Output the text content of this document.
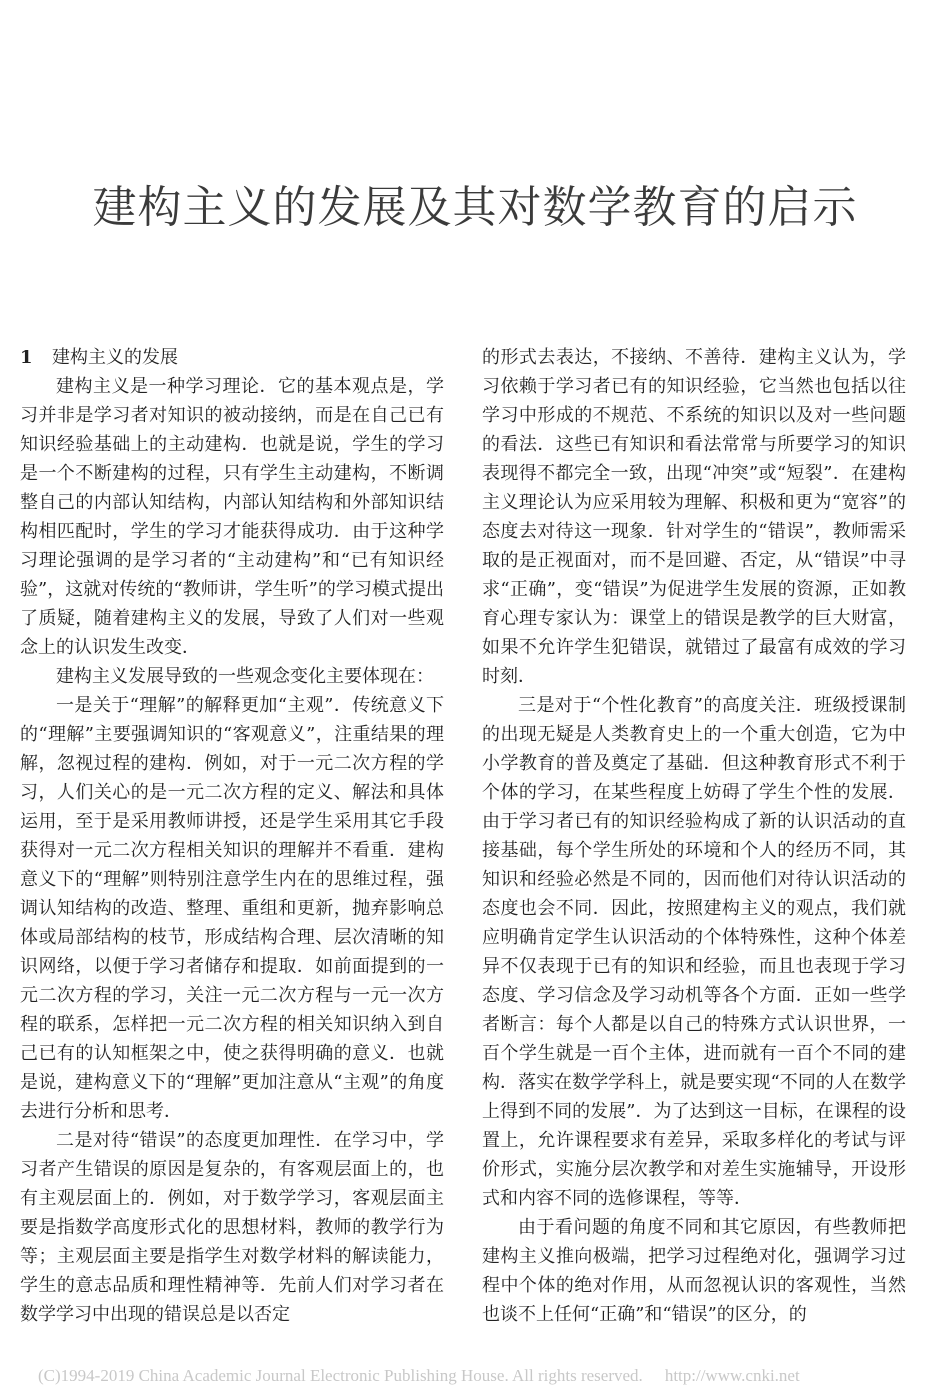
建构主义的发展及其对数学教育的启示
1 建构主义的发展

建构主义是一种学习理论．它的基本观点是，学习并非是学习者对知识的被动接纳，而是在自己已有知识经验基础上的主动建构．也就是说，学生的学习是一个不断建构的过程，只有学生主动建构，不断调整自己的内部认知结构，内部认知结构和外部知识结构相匹配时，学生的学习才能获得成功．由于这种学习理论强调的是学习者的“主动建构”和“已有知识经验”，这就对传统的“教师讲，学生听”的学习模式提出了质疑，随着建构主义的发展，导致了人们对一些观念上的认识发生改变．

建构主义发展导致的一些观念变化主要体现在：

一是关于“理解”的解释更加“主观”．传统意义下的“理解”主要强调知识的“客观意义”，注重结果的理解，忽视过程的建构．例如，对于一元二次方程的学习，人们关心的是一元二次方程的定义、解法和具体运用，至于是采用教师讲授，还是学生采用其它手段获得对一元二次方程相关知识的理解并不看重．建构意义下的“理解”则特别注意学生内在的思维过程，强调认知结构的改造、整理、重组和更新，抛弃影响总体或局部结构的枝节，形成结构合理、层次清晰的知识网络，以便于学习者储存和提取．如前面提到的一元二次方程的学习，关注一元二次方程与一元一次方程的联系，怎样把一元二次方程的相关知识纳入到自己已有的认知框架之中，使之获得明确的意义．也就是说，建构意义下的“理解”更加注意从“主观”的角度去进行分析和思考．

二是对待“错误”的态度更加理性．在学习中，学习者产生错误的原因是复杂的，有客观层面上的，也有主观层面上的．例如，对于数学学习，客观层面主要是指数学高度形式化的思想材料，教师的教学行为等；主观层面主要是指学生对数学材料的解读能力，学生的意志品质和理性精神等．先前人们对学习者在数学学习中出现的错误总是以否定

的形式去表达，不接纳、不善待．建构主义认为，学习依赖于学习者已有的知识经验，它当然也包括以往学习中形成的不规范、不系统的知识以及对一些问题的看法．这些已有知识和看法常常与所要学习的知识表现得不都完全一致，出现“冲突”或“短裂”．在建构主义理论认为应采用较为理解、积极和更为“宽容”的态度去对待这一现象．针对学生的“错误”，教师需采取的是正视面对，而不是回避、否定，从“错误”中寻求“正确”，变“错误”为促进学生发展的资源，正如教育心理专家认为：课堂上的错误是教学的巨大财富，如果不允许学生犯错误，就错过了最富有成效的学习时刻．

三是对于“个性化教育”的高度关注．班级授课制的出现无疑是人类教育史上的一个重大创造，它为中小学教育的普及奠定了基础．但这种教育形式不利于个体的学习，在某些程度上妨碍了学生个性的发展．由于学习者已有的知识经验构成了新的认识活动的直接基础，每个学生所处的环境和个人的经历不同，其知识和经验必然是不同的，因而他们对待认识活动的态度也会不同．因此，按照建构主义的观点，我们就应明确肯定学生认识活动的个体特殊性，这种个体差异不仅表现于已有的知识和经验，而且也表现于学习态度、学习信念及学习动机等各个方面．正如一些学者断言：每个人都是以自己的特殊方式认识世界，一百个学生就是一百个主体，进而就有一百个不同的建构．落实在数学学科上，就是要实现“不同的人在数学上得到不同的发展”．为了达到这一目标，在课程的设置上，允许课程要求有差异，采取多样化的考试与评价形式，实施分层次教学和对差生实施辅导，开设形式和内容不同的选修课程，等等．

由于看问题的角度不同和其它原因，有些教师把建构主义推向极端，把学习过程绝对化，强调学习过程中个体的绝对作用，从而忽视认识的客观性，当然也谈不上任何“正确”和“错误”的区分，的

(C)1994-2019 China Academic Journal Electronic Publishing House. All rights reserved. http://www.cnki.net
